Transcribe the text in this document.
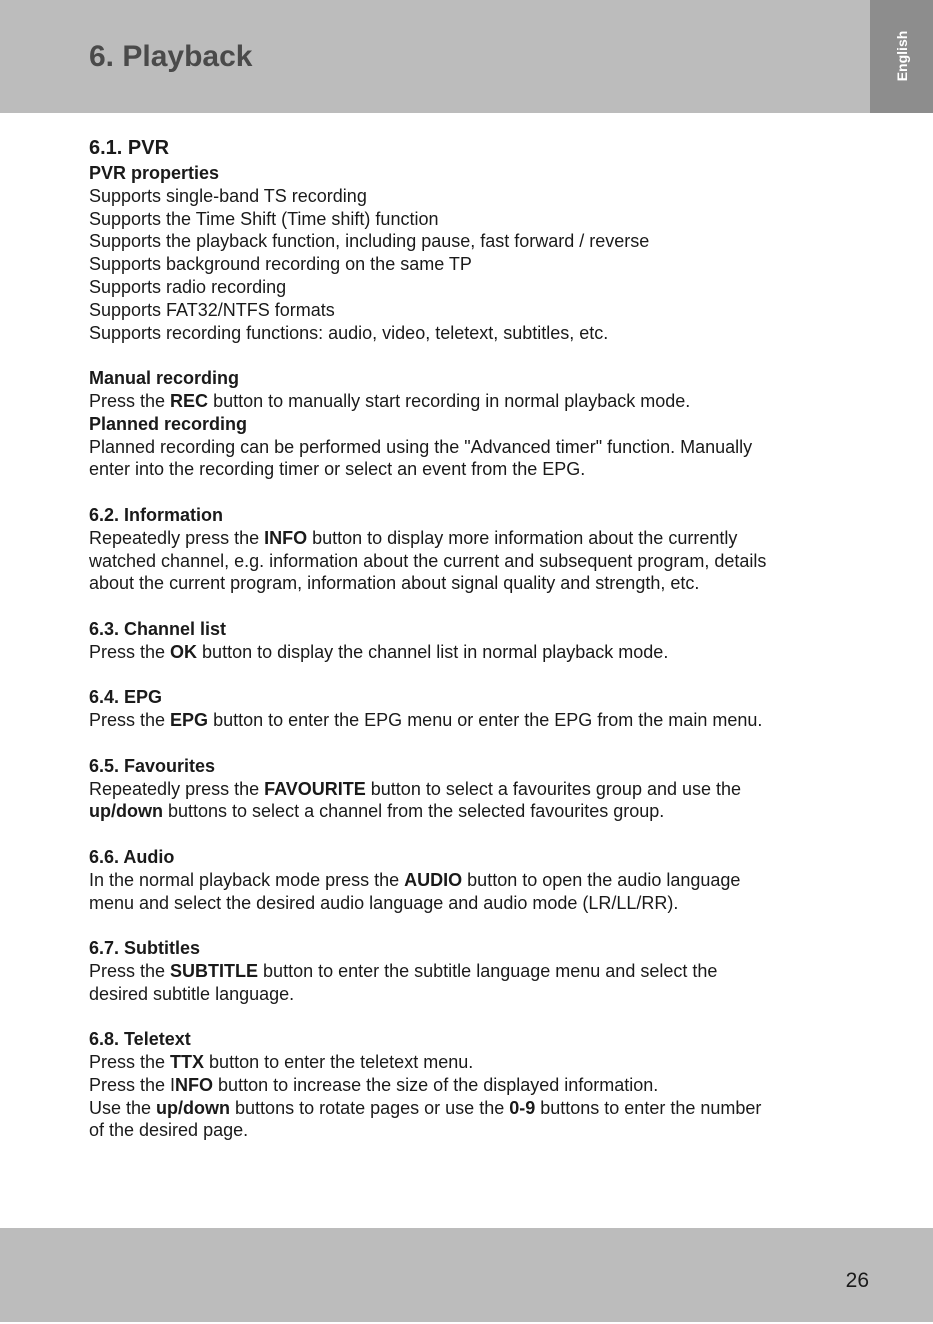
6. Playback	English

6.1. PVR

PVR properties

Supports single-band TS recording

Supports the Time Shift (Time shift) function

Supports the playback function, including pause, fast forward / reverse

Supports background recording on the same TP

Supports radio recording

Supports FAT32/NTFS formats

Supports recording functions: audio, video, teletext, subtitles, etc.

Manual recording

Press the REC button to manually start recording in normal playback mode.

Planned recording

Planned recording can be performed using the "Advanced timer" function. Manually

enter into the recording timer or select an event from the EPG.

6.2. Information

Repeatedly press the INFO button to display more information about the currently

watched channel, e.g. information about the current and subsequent program, details

about the current program, information about signal quality and strength, etc.

6.3. Channel list

Press the OK button to display the channel list in normal playback mode.

6.4. EPG

Press the EPG button to enter the EPG menu or enter the EPG from the main menu.

6.5. Favourites

Repeatedly press the FAVOURITE button to select a favourites group and use the

up/down buttons to select a channel from the selected favourites group.

6.6. Audio

In the normal playback mode press the AUDIO button to open the audio language

menu and select the desired audio language and audio mode (LR/LL/RR).

6.7. Subtitles

Press the SUBTITLE button to enter the subtitle language menu and select the

desired subtitle language.

6.8. Teletext

Press the TTX button to enter the teletext menu.

Press the INFO button to increase the size of the displayed information.

Use the up/down buttons to rotate pages or use the 0-9 buttons to enter the number

of the desired page.

26
